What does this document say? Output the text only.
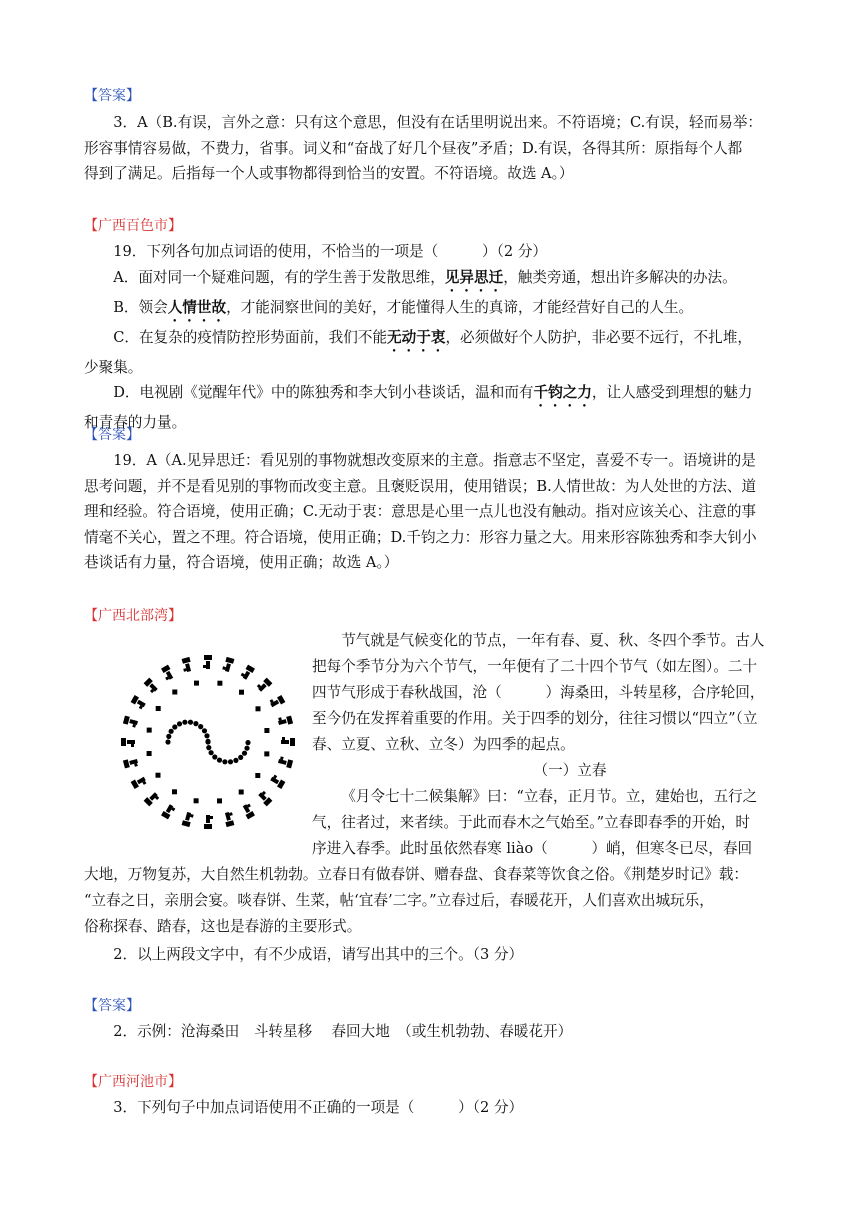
【答案】
3．A（B.有误，言外之意：只有这个意思，但没有在话里明说出来。不符语境；C.有误，轻而易举：
形容事情容易做，不费力，省事。词义和“奋战了好几个昼夜”矛盾；D.有误，各得其所：原指每个人都
得到了满足。后指每一个人或事物都得到恰当的安置。不符语境。故选 A。）
【广西百色市】
19．下列各句加点词语的使用，不恰当的一项是（　　　）（2 分）
A．面对同一个疑难问题，有的学生善于发散思维，见异思迁，触类旁通，想出许多解决的办法。
B．领会人情世故，才能洞察世间的美好，才能懂得人生的真谛，才能经营好自己的人生。
C．在复杂的疫情防控形势面前，我们不能无动于衷，必须做好个人防护，非必要不远行，不扎堆，
少聚集。
D．电视剧《觉醒年代》中的陈独秀和李大钊小巷谈话，温和而有千钧之力，让人感受到理想的魅力
和青春的力量。
【答案】
19．A（A.见异思迁：看见别的事物就想改变原来的主意。指意志不坚定，喜爱不专一。语境讲的是
思考问题，并不是看见别的事物而改变主意。且褒贬误用，使用错误；B.人情世故：为人处世的方法、道
理和经验。符合语境，使用正确；C.无动于衷：意思是心里一点儿也没有触动。指对应该关心、注意的事
情毫不关心，置之不理。符合语境，使用正确；D.千钧之力：形容力量之大。用来形容陈独秀和李大钊小
巷谈话有力量，符合语境，使用正确；故选 A。）
【广西北部湾】
节气就是气候变化的节点，一年有春、夏、秋、冬四个季节。古人
把每个季节分为六个节气，一年便有了二十四个节气（如左图）。二十
四节气形成于春秋战国，沧（　　　）海桑田，斗转星移，合序轮回，
至今仍在发挥着重要的作用。关于四季的划分，往往习惯以“四立”（立
春、立夏、立秋、立冬）为四季的起点。
（一）立春
《月令七十二候集解》曰：“立春，正月节。立，建始也，五行之
气，往者过，来者续。于此而春木之气始至。”立春即春季的开始，时
序进入春季。此时虽依然春寒 liào（　　　）峭，但寒冬已尽，春回
大地，万物复苏，大自然生机勃勃。立春日有做春饼、赠春盘、食春菜等饮食之俗。《荆楚岁时记》载：
“立春之日，亲朋会宴。啖春饼、生菜，帖‘宜春’二字。”立春过后，春暖花开，人们喜欢出城玩乐，
俗称探春、踏春，这也是春游的主要形式。
2．以上两段文字中，有不少成语，请写出其中的三个。（3 分）
【答案】
2．示例：沧海桑田　斗转星移　 春回大地　（或生机勃勃、春暖花开）
【广西河池市】
3．下列句子中加点词语使用不正确的一项是（　　　）（2 分）
